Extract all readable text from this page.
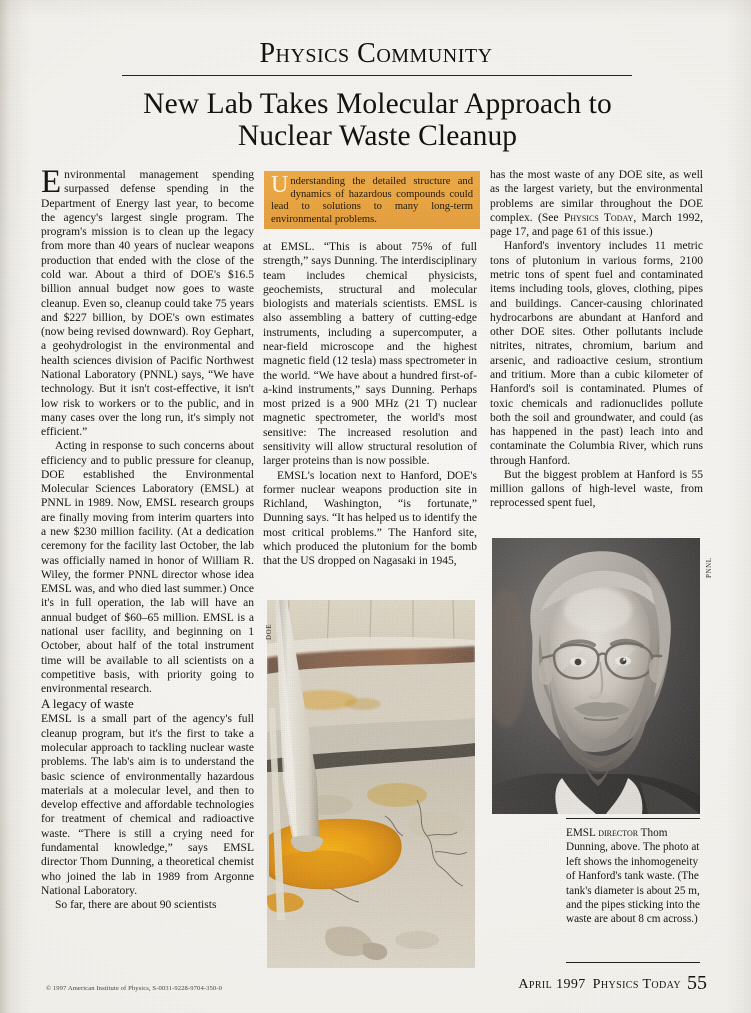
Physics Community
New Lab Takes Molecular Approach to
Nuclear Waste Cleanup

Environmental management spending surpassed defense spending in the Department of Energy last year, to become the agency's largest single program. The program's mission is to clean up the legacy from more than 40 years of nuclear weapons production that ended with the close of the cold war. About a third of DOE's $16.5 billion annual budget now goes to waste cleanup. Even so, cleanup could take 75 years and $227 billion, by DOE's own estimates (now being revised downward). Roy Gephart, a geohydrologist in the environmental and health sciences division of Pacific Northwest National Laboratory (PNNL) says, “We have technology. But it isn't cost-effective, it isn't low risk to workers or to the public, and in many cases over the long run, it's simply not efficient.”

Acting in response to such concerns about efficiency and to public pressure for cleanup, DOE established the Environmental Molecular Sciences Laboratory (EMSL) at PNNL in 1989. Now, EMSL research groups are finally moving from interim quarters into a new $230 million facility. (At a dedication ceremony for the facility last October, the lab was officially named in honor of William R. Wiley, the former PNNL director whose idea EMSL was, and who died last summer.) Once it's in full operation, the lab will have an annual budget of $60–65 million. EMSL is a national user facility, and beginning on 1 October, about half of the total instrument time will be available to all scientists on a competitive basis, with priority going to environmental research.

A legacy of waste

EMSL is a small part of the agency's full cleanup program, but it's the first to take a molecular approach to tackling nuclear waste problems. The lab's aim is to understand the basic science of environmentally hazardous materials at a molecular level, and then to develop effective and affordable technologies for treatment of chemical and radioactive waste. “There is still a crying need for fundamental knowledge,” says EMSL director Thom Dunning, a theoretical chemist who joined the lab in 1989 from Argonne National Laboratory.

So far, there are about 90 scientists

Understanding the detailed structure and dynamics of hazardous compounds could lead to solutions to many long-term environmental problems.

at EMSL. “This is about 75% of full strength,” says Dunning. The interdisciplinary team includes chemical physicists, geochemists, structural and molecular biologists and materials scientists. EMSL is also assembling a battery of cutting-edge instruments, including a supercomputer, a near-field microscope and the highest magnetic field (12 tesla) mass spectrometer in the world. “We have about a hundred first-of-a-kind instruments,” says Dunning. Perhaps most prized is a 900 MHz (21 T) nuclear magnetic spectrometer, the world's most sensitive: The increased resolution and sensitivity will allow structural resolution of larger proteins than is now possible.

EMSL's location next to Hanford, DOE's former nuclear weapons production site in Richland, Washington, “is fortunate,” Dunning says. “It has helped us to identify the most critical problems.” The Hanford site, which produced the plutonium for the bomb that the US dropped on Nagasaki in 1945,

has the most waste of any DOE site, as well as the largest variety, but the environmental problems are similar throughout the DOE complex. (See Physics Today, March 1992, page 17, and page 61 of this issue.)

Hanford's inventory includes 11 metric tons of plutonium in various forms, 2100 metric tons of spent fuel and contaminated items including tools, gloves, clothing, pipes and buildings. Cancer-causing chlorinated hydrocarbons are abundant at Hanford and other DOE sites. Other pollutants include nitrites, nitrates, chromium, barium and arsenic, and radioactive cesium, strontium and tritium. More than a cubic kilometer of Hanford's soil is contaminated. Plumes of toxic chemicals and radionuclides pollute both the soil and groundwater, and could (as has happened in the past) leach into and contaminate the Columbia River, which runs through Hanford.

But the biggest problem at Hanford is 55 million gallons of high-level waste, from reprocessed spent fuel,

DOE
PNNL
EMSL director Thom Dunning, above. The photo at left shows the inhomogeneity of Hanford's tank waste. (The tank's diameter is about 25 m, and the pipes sticking into the waste are about 8 cm across.)
© 1997 American Institute of Physics, S-0031-9228-9704-350-0	April 1997 Physics Today 55
